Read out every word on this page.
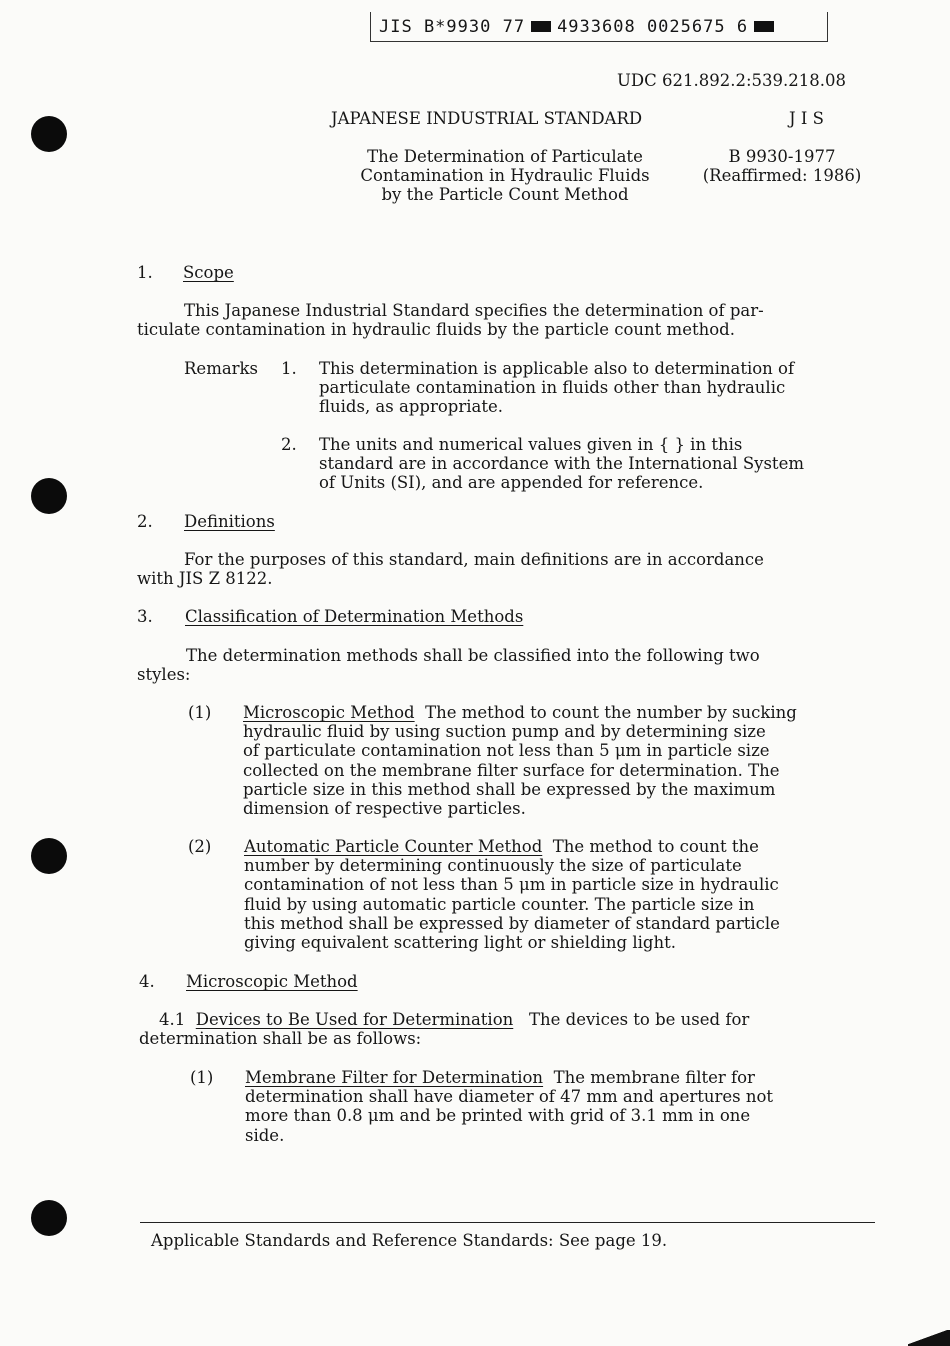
JIS B*9930 77 4933608 0025675 6
UDC 621.892.2:539.218.08
JAPANESE INDUSTRIAL STANDARD	J I S
The Determination of Particulate
Contamination in Hydraulic Fluids
by the Particle Count Method
B 9930-1977
(Reaffirmed: 1986)
1. Scope
This Japanese Industrial Standard specifies the determination of par-
ticulate contamination in hydraulic fluids by the particle count method.
Remarks 1. This determination is applicable also to determination of
particulate contamination in fluids other than hydraulic
fluids, as appropriate.
2. The units and numerical values given in { } in this
standard are in accordance with the International System
of Units (SI), and are appended for reference.
2. Definitions
For the purposes of this standard, main definitions are in accordance
with JIS Z 8122.
3. Classification of Determination Methods
The determination methods shall be classified into the following two
styles:
(1) Microscopic Method The method to count the number by sucking
hydraulic fluid by using suction pump and by determining size
of particulate contamination not less than 5 μm in particle size
collected on the membrane filter surface for determination. The
particle size in this method shall be expressed by the maximum
dimension of respective particles.
(2) Automatic Particle Counter Method The method to count the
number by determining continuously the size of particulate
contamination of not less than 5 μm in particle size in hydraulic
fluid by using automatic particle counter. The particle size in
this method shall be expressed by diameter of standard particle
giving equivalent scattering light or shielding light.
4. Microscopic Method
4.1 Devices to Be Used for Determination The devices to be used for
determination shall be as follows:
(1) Membrane Filter for Determination The membrane filter for
determination shall have diameter of 47 mm and apertures not
more than 0.8 μm and be printed with grid of 3.1 mm in one
side.
Applicable Standards and Reference Standards: See page 19.
